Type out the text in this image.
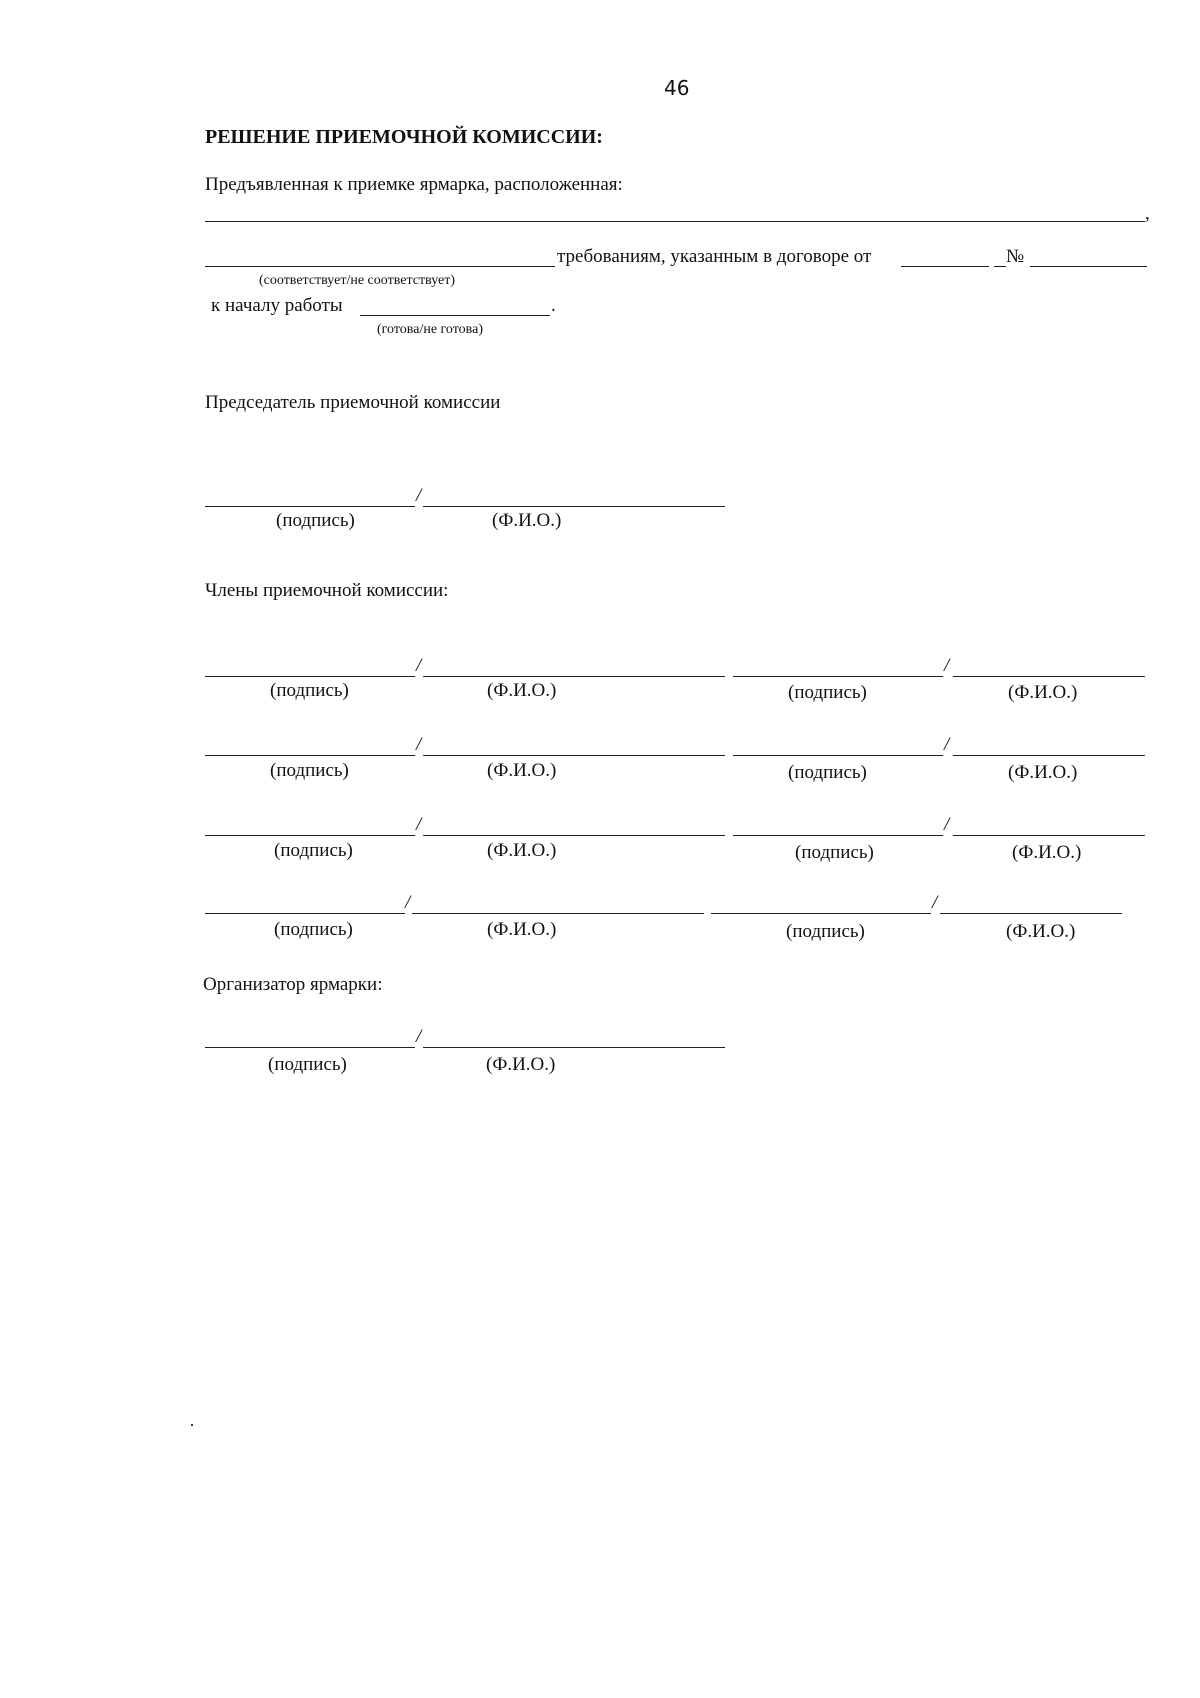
46
РЕШЕНИЕ ПРИЕМОЧНОЙ КОМИССИИ:
Предъявленная к приемке ярмарка, расположенная:
,
требованиям, указанным в договоре от	№
(соответствует/не соответствует)
к началу работы	.
(готова/не готова)
Председатель приемочной комиссии
/
(подпись)	(Ф.И.О.)
Члены приемочной комиссии:
/
(подпись)	(Ф.И.О.)
/
(подпись)	(Ф.И.О.)
/
(подпись)	(Ф.И.О.)
/
(подпись)	(Ф.И.О.)
/
(подпись)	(Ф.И.О.)
/
(подпись)	(Ф.И.О.)
/
(подпись)	(Ф.И.О.)
/
(подпись)	(Ф.И.О.)
Организатор ярмарки:
/
(подпись)	(Ф.И.О.)
